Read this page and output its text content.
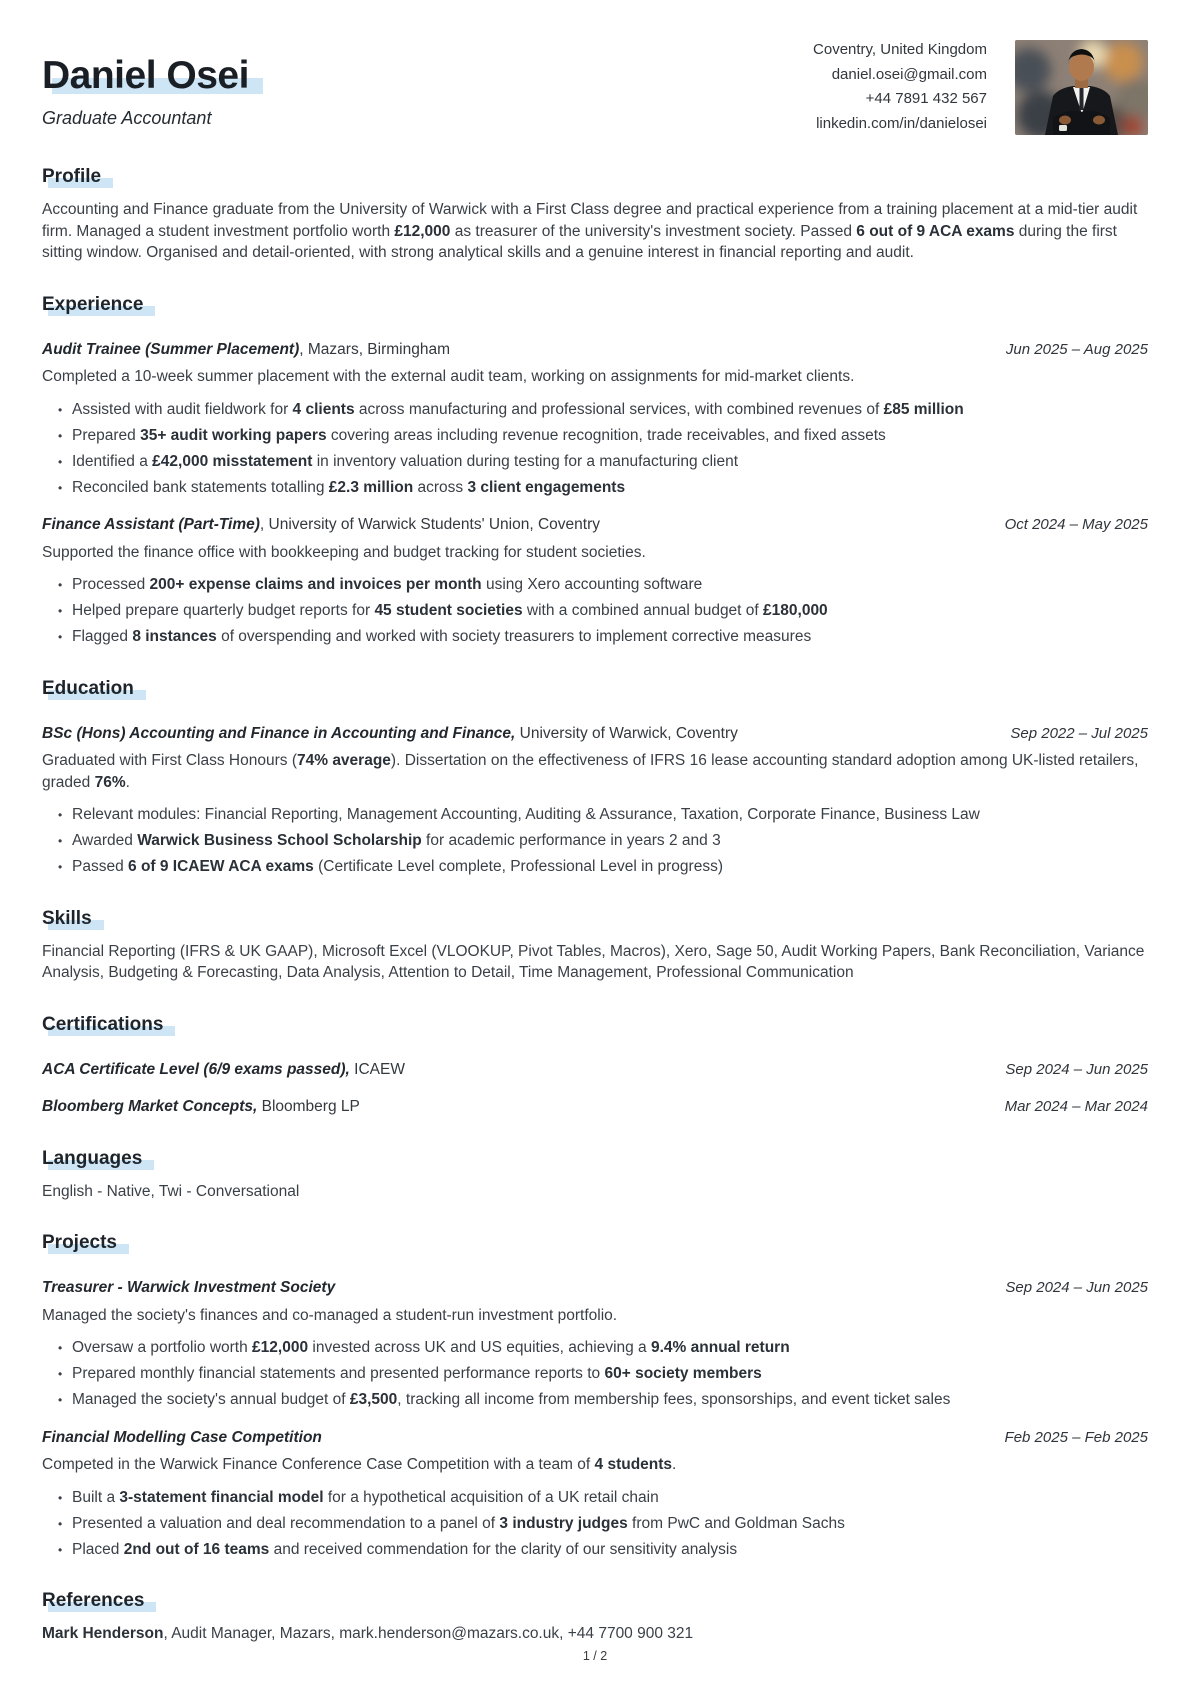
Daniel Osei
Graduate Accountant
Coventry, United Kingdom
daniel.osei@gmail.com
+44 7891 432 567
linkedin.com/in/danielosei
Profile

Accounting and Finance graduate from the University of Warwick with a First Class degree and practical experience from a training placement at a mid-tier audit firm. Managed a student investment portfolio worth £12,000 as treasurer of the university's investment society. Passed 6 out of 9 ACA exams during the first sitting window. Organised and detail-oriented, with strong analytical skills and a genuine interest in financial reporting and audit.

Experience
Audit Trainee (Summer Placement), Mazars, Birmingham	Jun 2025 – Aug 2025
Completed a 10-week summer placement with the external audit team, working on assignments for mid-market clients.
• Assisted with audit fieldwork for 4 clients across manufacturing and professional services, with combined revenues of £85 million
• Prepared 35+ audit working papers covering areas including revenue recognition, trade receivables, and fixed assets
• Identified a £42,000 misstatement in inventory valuation during testing for a manufacturing client
• Reconciled bank statements totalling £2.3 million across 3 client engagements
Finance Assistant (Part-Time), University of Warwick Students' Union, Coventry	Oct 2024 – May 2025
Supported the finance office with bookkeeping and budget tracking for student societies.
• Processed 200+ expense claims and invoices per month using Xero accounting software
• Helped prepare quarterly budget reports for 45 student societies with a combined annual budget of £180,000
• Flagged 8 instances of overspending and worked with society treasurers to implement corrective measures
Education
BSc (Hons) Accounting and Finance in Accounting and Finance, University of Warwick, Coventry	Sep 2022 – Jul 2025
Graduated with First Class Honours (74% average). Dissertation on the effectiveness of IFRS 16 lease accounting standard adoption among UK-listed retailers, graded 76%.
• Relevant modules: Financial Reporting, Management Accounting, Auditing & Assurance, Taxation, Corporate Finance, Business Law
• Awarded Warwick Business School Scholarship for academic performance in years 2 and 3
• Passed 6 of 9 ICAEW ACA exams (Certificate Level complete, Professional Level in progress)
Skills

Financial Reporting (IFRS & UK GAAP), Microsoft Excel (VLOOKUP, Pivot Tables, Macros), Xero, Sage 50, Audit Working Papers, Bank Reconciliation, Variance Analysis, Budgeting & Forecasting, Data Analysis, Attention to Detail, Time Management, Professional Communication

Certifications
ACA Certificate Level (6/9 exams passed), ICAEW	Sep 2024 – Jun 2025
Bloomberg Market Concepts, Bloomberg LP	Mar 2024 – Mar 2024
Languages

English - Native, Twi - Conversational

Projects
Treasurer - Warwick Investment Society	Sep 2024 – Jun 2025
Managed the society's finances and co-managed a student-run investment portfolio.
• Oversaw a portfolio worth £12,000 invested across UK and US equities, achieving a 9.4% annual return
• Prepared monthly financial statements and presented performance reports to 60+ society members
• Managed the society's annual budget of £3,500, tracking all income from membership fees, sponsorships, and event ticket sales
Financial Modelling Case Competition	Feb 2025 – Feb 2025
Competed in the Warwick Finance Conference Case Competition with a team of 4 students.
• Built a 3-statement financial model for a hypothetical acquisition of a UK retail chain
• Presented a valuation and deal recommendation to a panel of 3 industry judges from PwC and Goldman Sachs
• Placed 2nd out of 16 teams and received commendation for the clarity of our sensitivity analysis
References

Mark Henderson, Audit Manager, Mazars, mark.henderson@mazars.co.uk, +44 7700 900 321

1 / 2
